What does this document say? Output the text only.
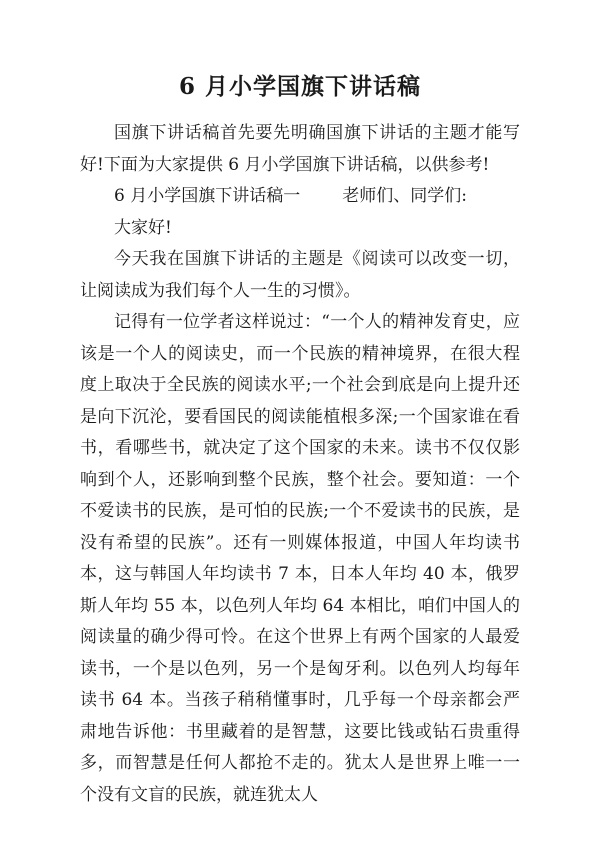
6 月小学国旗下讲话稿

国旗下讲话稿首先要先明确国旗下讲话的主题才能写好!下面为大家提供 6 月小学国旗下讲话稿，以供参考!

6 月小学国旗下讲话稿一 老师们、同学们:

大家好!

今天我在国旗下讲话的主题是《阅读可以改变一切，让阅读成为我们每个人一生的习惯》。

记得有一位学者这样说过：“一个人的精神发育史，应该是一个人的阅读史，而一个民族的精神境界，在很大程度上取决于全民族的阅读水平;一个社会到底是向上提升还是向下沉沦，要看国民的阅读能植根多深;一个国家谁在看书，看哪些书，就决定了这个国家的未来。读书不仅仅影响到个人，还影响到整个民族，整个社会。要知道：一个不爱读书的民族，是可怕的民族;一个不爱读书的民族，是没有希望的民族”。还有一则媒体报道，中国人年均读书本，这与韩国人年均读书 7 本，日本人年均 40 本，俄罗斯人年均 55 本，以色列人年均 64 本相比，咱们中国人的阅读量的确少得可怜。在这个世界上有两个国家的人最爱读书，一个是以色列，另一个是匈牙利。以色列人均每年读书 64 本。当孩子稍稍懂事时，几乎每一个母亲都会严肃地告诉他：书里藏着的是智慧，这要比钱或钻石贵重得多，而智慧是任何人都抢不走的。犹太人是世界上唯一一个没有文盲的民族，就连犹太人
